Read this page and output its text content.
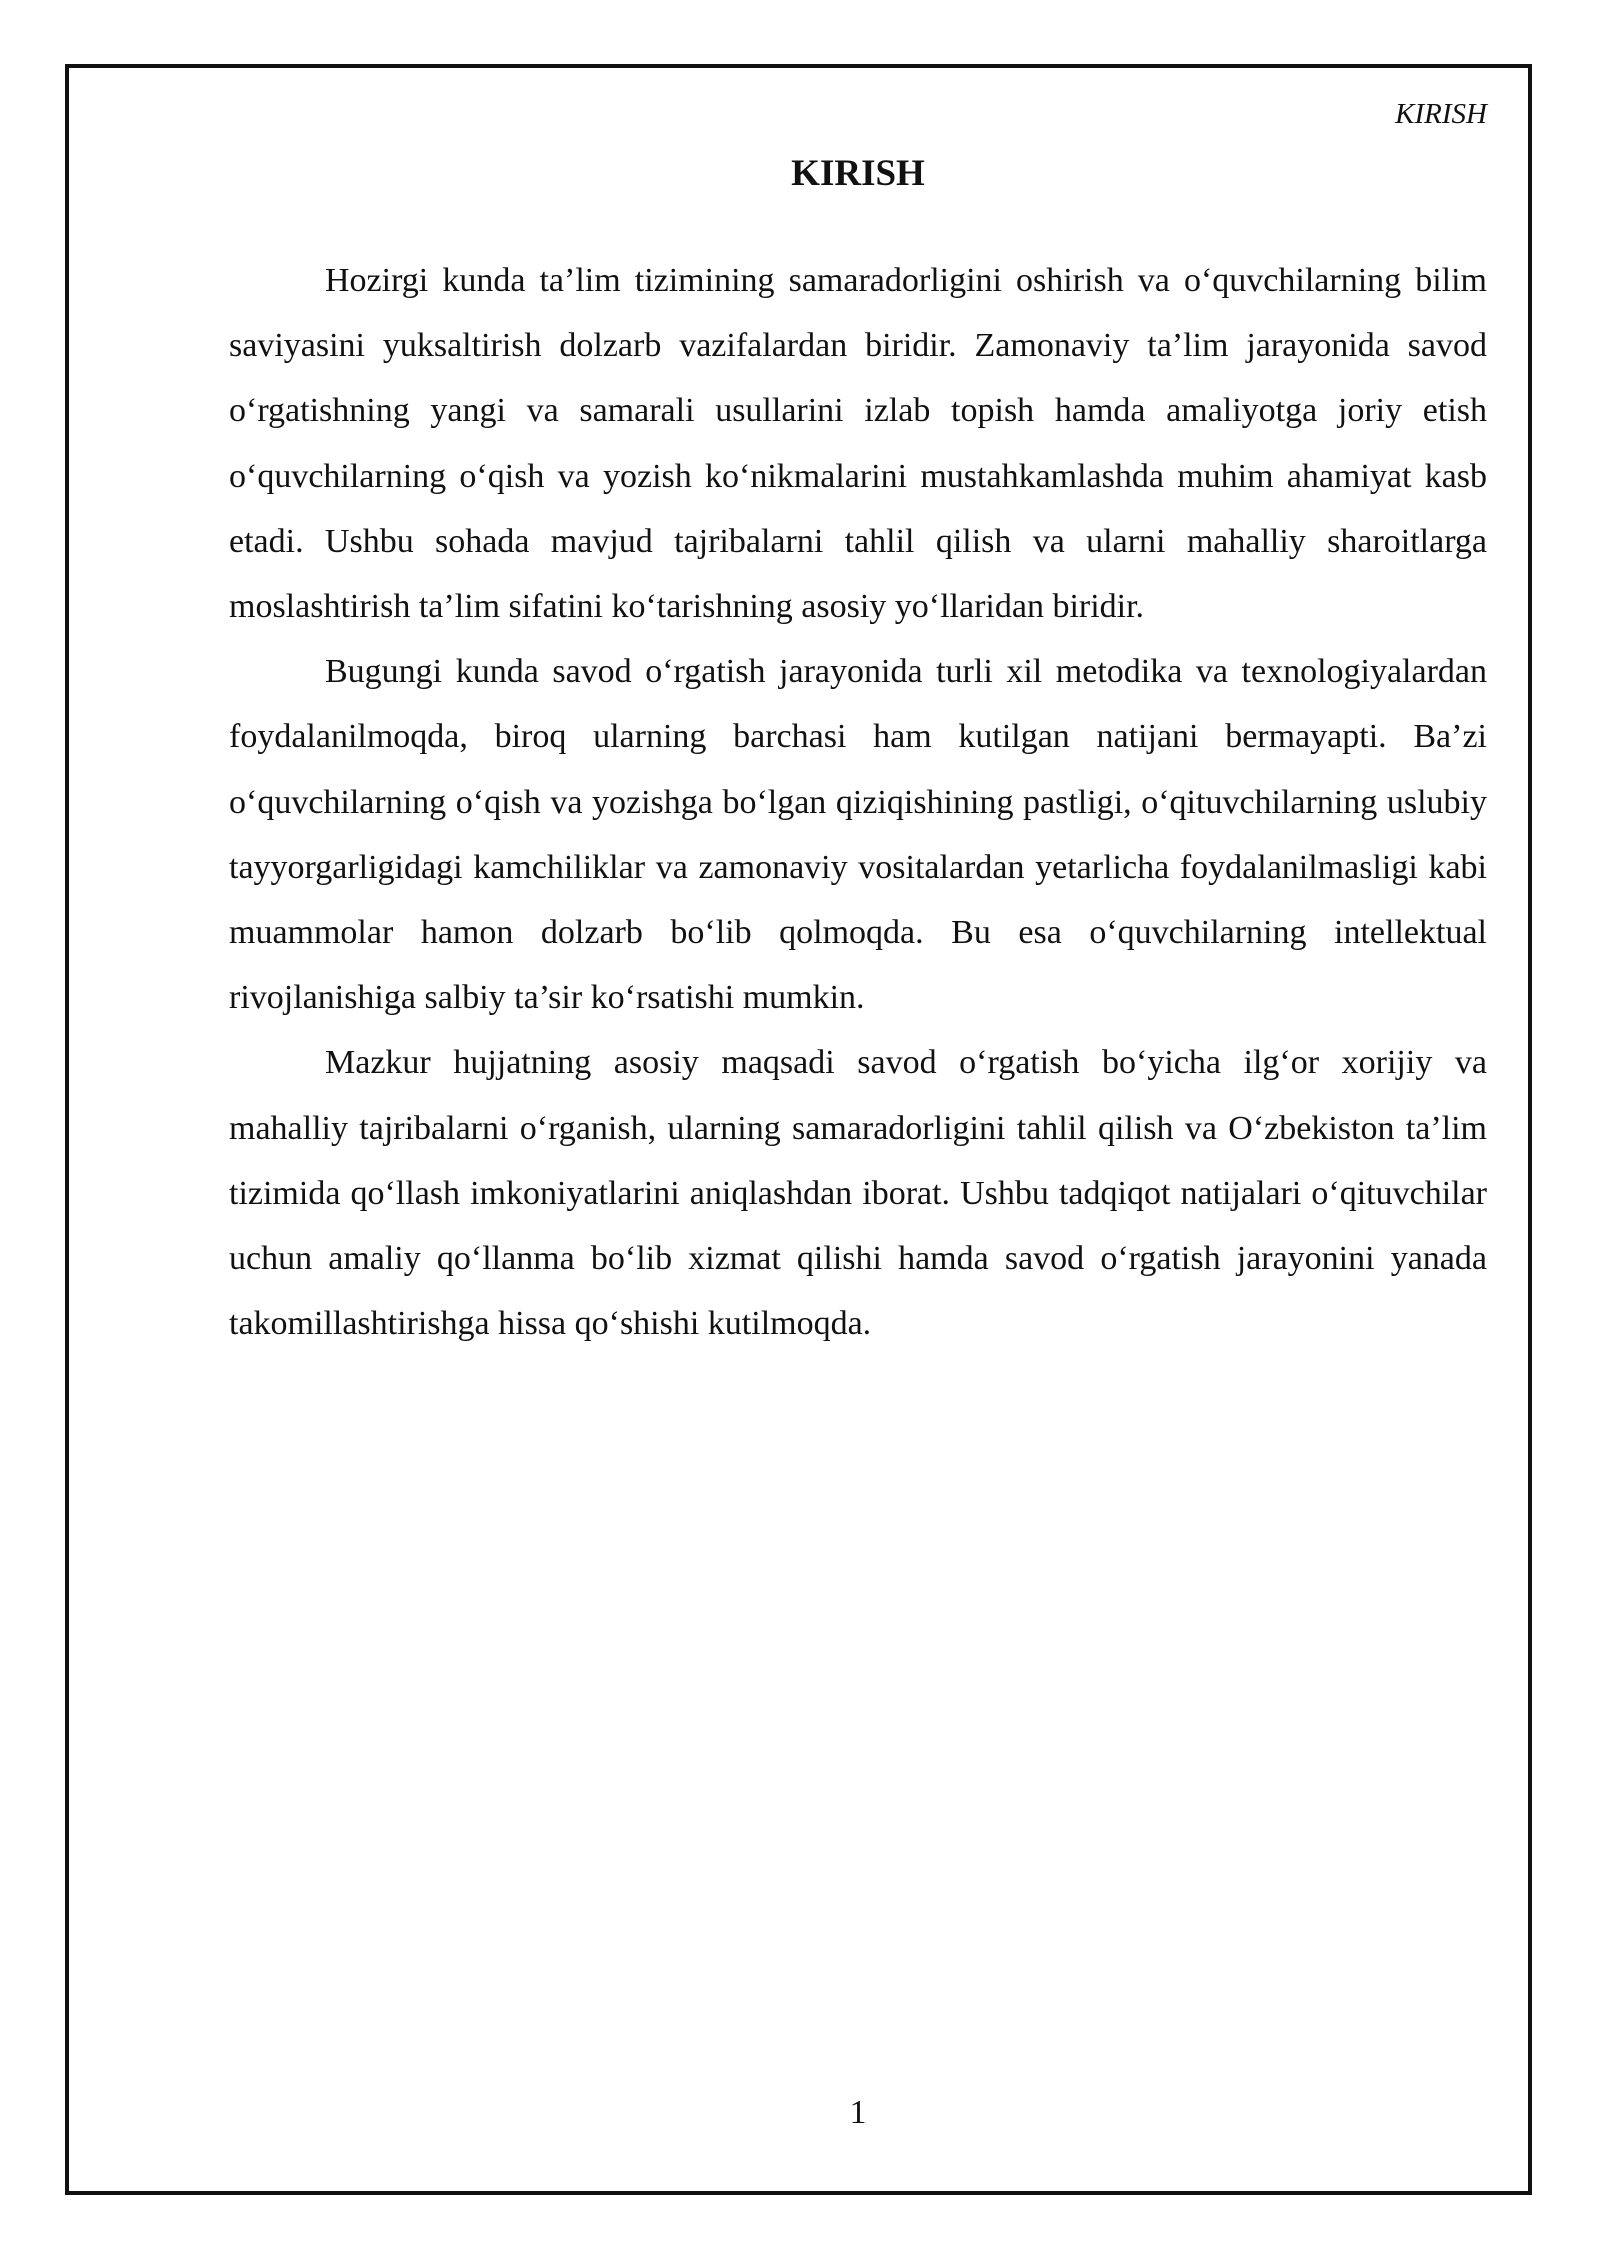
KIRISH
KIRISH

Hozirgi kunda ta’lim tizimining samaradorligini oshirish va o‘quvchilarning bilim saviyasini yuksaltirish dolzarb vazifalardan biridir. Zamonaviy ta’lim jarayonida savod o‘rgatishning yangi va samarali usullarini izlab topish hamda amaliyotga joriy etish o‘quvchilarning o‘qish va yozish ko‘nikmalarini mustahkamlashda muhim ahamiyat kasb etadi. Ushbu sohada mavjud tajribalarni tahlil qilish va ularni mahalliy sharoitlarga moslashtirish ta’lim sifatini ko‘tarishning asosiy yo‘llaridan biridir.

Bugungi kunda savod o‘rgatish jarayonida turli xil metodika va texnologiyalardan foydalanilmoqda, biroq ularning barchasi ham kutilgan natijani bermayapti. Ba’zi o‘quvchilarning o‘qish va yozishga bo‘lgan qiziqishining pastligi, o‘qituvchilarning uslubiy tayyorgarligidagi kamchiliklar va zamonaviy vositalardan yetarlicha foydalanilmasligi kabi muammolar hamon dolzarb bo‘lib qolmoqda. Bu esa o‘quvchilarning intellektual rivojlanishiga salbiy ta’sir ko‘rsatishi mumkin.

Mazkur hujjatning asosiy maqsadi savod o‘rgatish bo‘yicha ilg‘or xorijiy va mahalliy tajribalarni o‘rganish, ularning samaradorligini tahlil qilish va O‘zbekiston ta’lim tizimida qo‘llash imkoniyatlarini aniqlashdan iborat. Ushbu tadqiqot natijalari o‘qituvchilar uchun amaliy qo‘llanma bo‘lib xizmat qilishi hamda savod o‘rgatish jarayonini yanada takomillashtirishga hissa qo‘shishi kutilmoqda.

1
